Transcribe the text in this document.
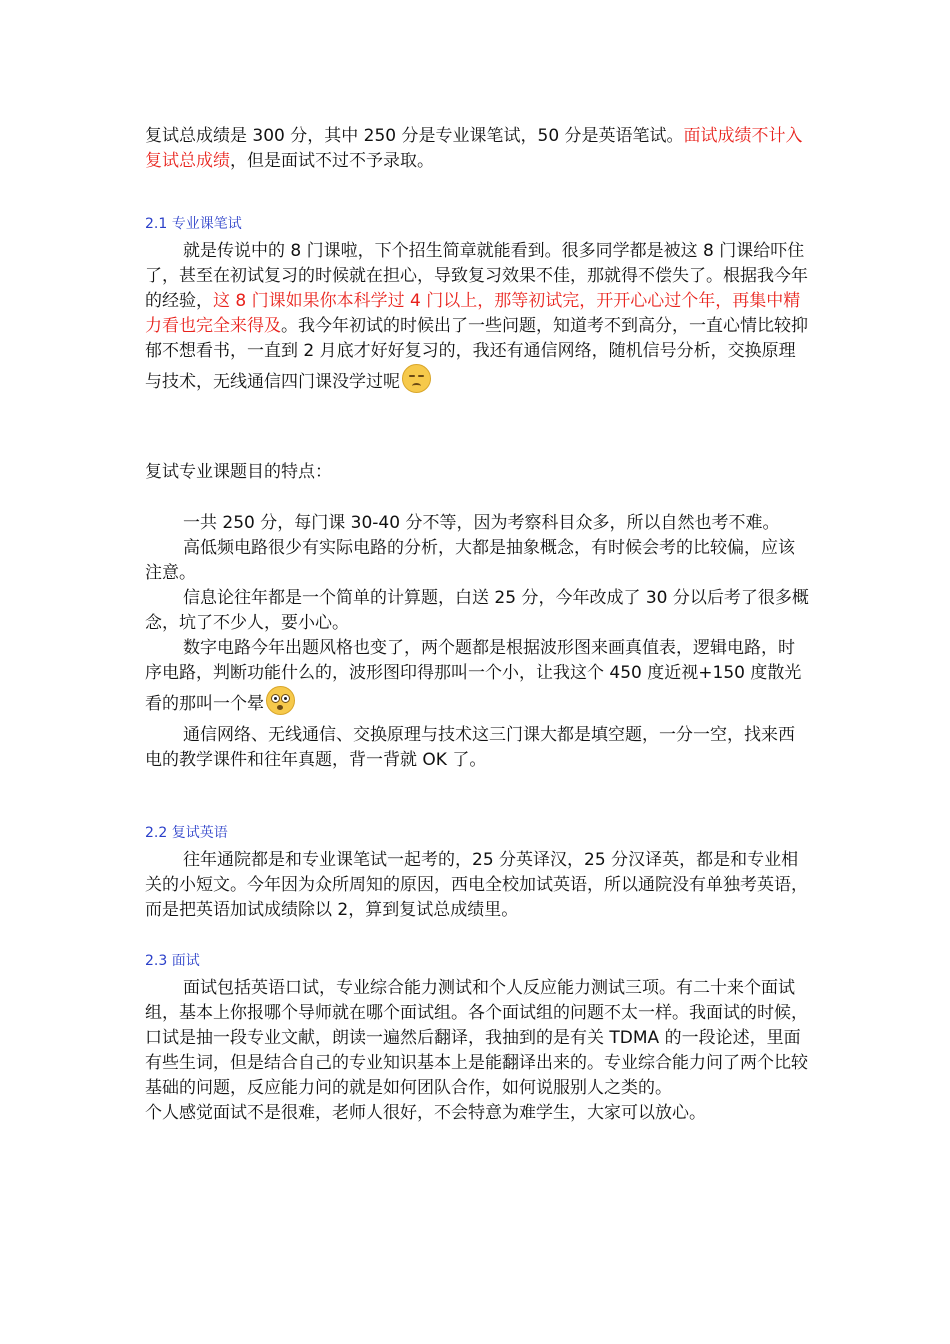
复试总成绩是 300 分，其中 250 分是专业课笔试，50 分是英语笔试。面试成绩不计入复试总成绩，但是面试不过不予录取。

2.1 专业课笔试

就是传说中的 8 门课啦，下个招生简章就能看到。很多同学都是被这 8 门课给吓住了，甚至在初试复习的时候就在担心，导致复习效果不佳，那就得不偿失了。根据我今年的经验，这 8 门课如果你本科学过 4 门以上，那等初试完，开开心心过个年，再集中精力看也完全来得及。我今年初试的时候出了一些问题，知道考不到高分，一直心情比较抑郁不想看书，一直到 2 月底才好好复习的，我还有通信网络，随机信号分析，交换原理与技术，无线通信四门课没学过呢

复试专业课题目的特点：

一共 250 分，每门课 30-40 分不等，因为考察科目众多，所以自然也考不难。

高低频电路很少有实际电路的分析，大都是抽象概念，有时候会考的比较偏，应该注意。

信息论往年都是一个简单的计算题，白送 25 分，今年改成了 30 分以后考了很多概念，坑了不少人，要小心。

数字电路今年出题风格也变了，两个题都是根据波形图来画真值表，逻辑电路，时序电路，判断功能什么的，波形图印得那叫一个小，让我这个 450 度近视+150 度散光看的那叫一个晕

通信网络、无线通信、交换原理与技术这三门课大都是填空题，一分一空，找来西电的教学课件和往年真题，背一背就 OK 了。

2.2 复试英语

往年通院都是和专业课笔试一起考的，25 分英译汉，25 分汉译英，都是和专业相关的小短文。今年因为众所周知的原因，西电全校加试英语，所以通院没有单独考英语，而是把英语加试成绩除以 2，算到复试总成绩里。

2.3 面试

面试包括英语口试，专业综合能力测试和个人反应能力测试三项。有二十来个面试组，基本上你报哪个导师就在哪个面试组。各个面试组的问题不太一样。我面试的时候，口试是抽一段专业文献，朗读一遍然后翻译，我抽到的是有关 TDMA 的一段论述，里面有些生词，但是结合自己的专业知识基本上是能翻译出来的。专业综合能力问了两个比较基础的问题，反应能力问的就是如何团队合作，如何说服别人之类的。

个人感觉面试不是很难，老师人很好，不会特意为难学生，大家可以放心。
